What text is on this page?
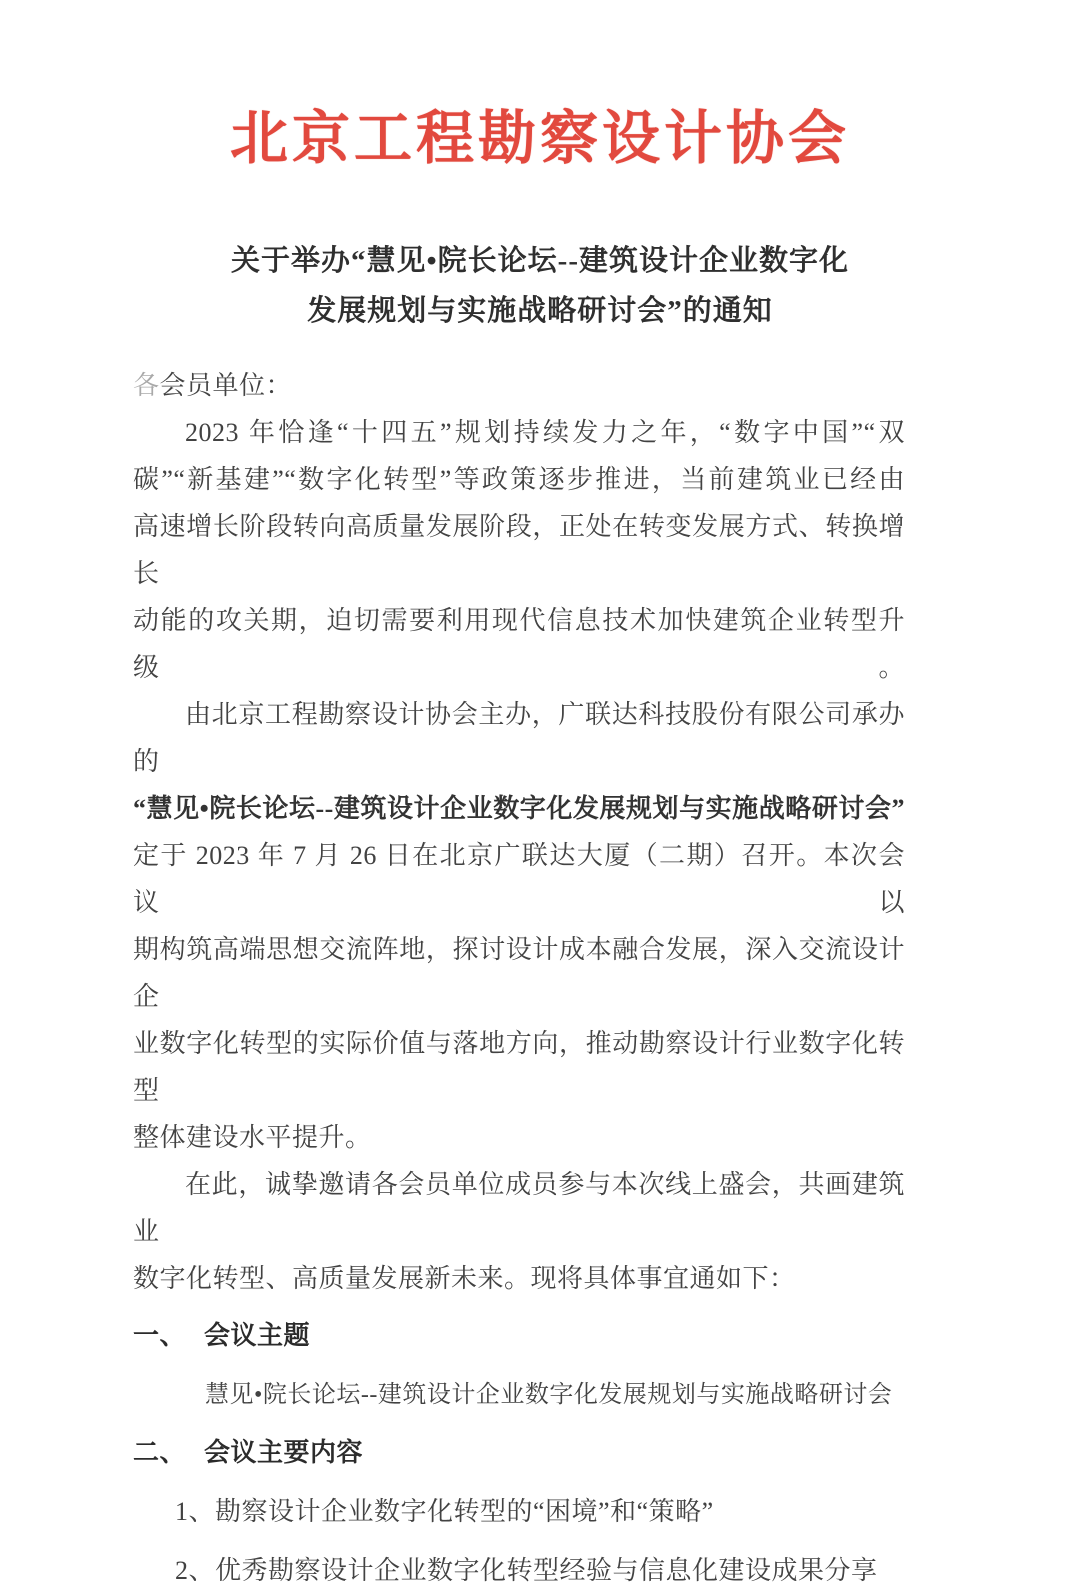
北京工程勘察设计协会
关于举办“慧见•院长论坛--建筑设计企业数字化
发展规划与实施战略研讨会”的通知
各会员单位：
2023 年恰逢“十四五”规划持续发力之年，“数字中国”“双
碳”“新基建”“数字化转型”等政策逐步推进，当前建筑业已经由
高速增长阶段转向高质量发展阶段，正处在转变发展方式、转换增长
动能的攻关期，迫切需要利用现代信息技术加快建筑企业转型升级。
由北京工程勘察设计协会主办，广联达科技股份有限公司承办的
“慧见•院长论坛--建筑设计企业数字化发展规划与实施战略研讨会”
定于 2023 年 7 月 26 日在北京广联达大厦（二期）召开。本次会议以
期构筑高端思想交流阵地，探讨设计成本融合发展，深入交流设计企
业数字化转型的实际价值与落地方向，推动勘察设计行业数字化转型
整体建设水平提升。
在此，诚挚邀请各会员单位成员参与本次线上盛会，共画建筑业
数字化转型、高质量发展新未来。现将具体事宜通如下：
一、 会议主题
慧见•院长论坛--建筑设计企业数字化发展规划与实施战略研讨会
二、 会议主要内容
1、勘察设计企业数字化转型的“困境”和“策略”
2、优秀勘察设计企业数字化转型经验与信息化建设成果分享
